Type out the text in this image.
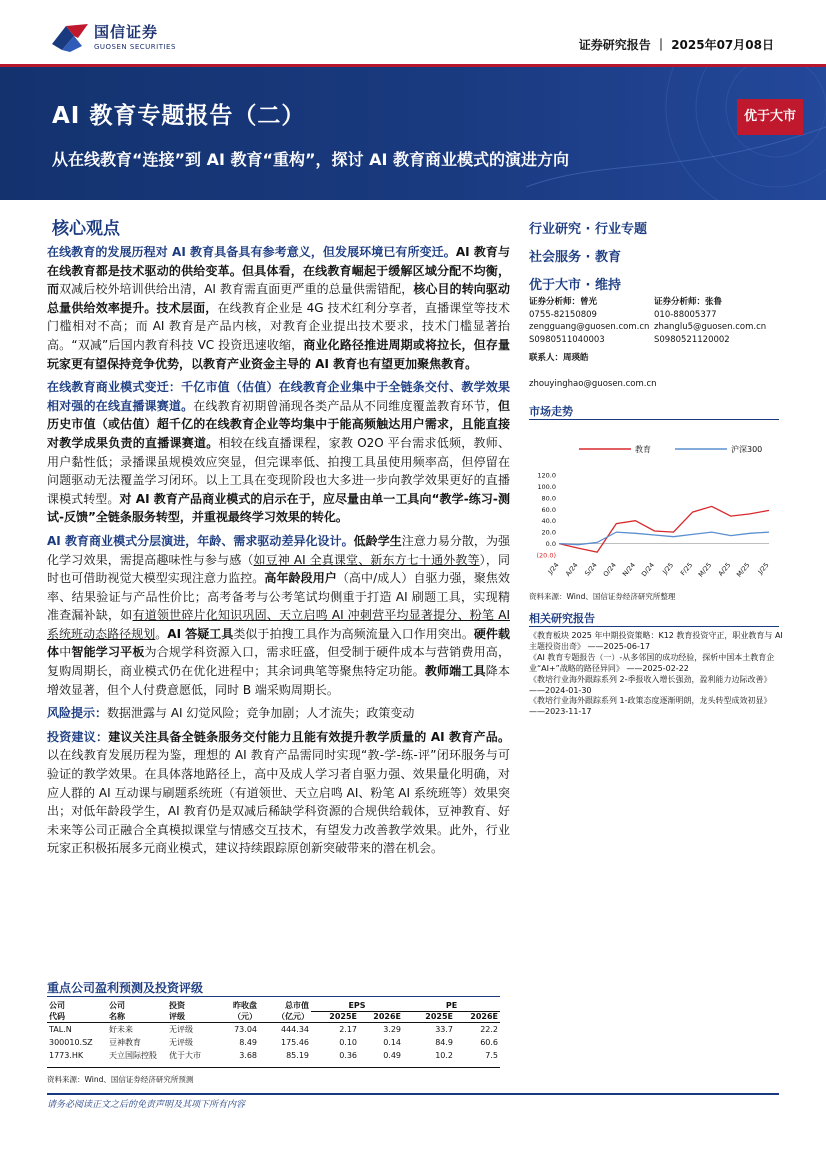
国信证券
GUOSEN SECURITIES	证券研究报告 ｜ 2025年07月08日
AI 教育专题报告（二）
从在线教育“连接”到 AI 教育“重构”，探讨 AI 教育商业模式的演进方向
优于大市
核心观点

在线教育的发展历程对 AI 教育具备具有参考意义，但发展环境已有所变迁。AI 教育与在线教育都是技术驱动的供给变革。但具体看，在线教育崛起于缓解区域分配不均衡，而双减后校外培训供给出清，AI 教育需直面更严重的总量供需错配，核心目的转向驱动总量供给效率提升。技术层面，在线教育企业是 4G 技术红利分享者，直播课堂等技术门槛相对不高；而 AI 教育是产品内核，对教育企业提出技术要求，技术门槛显著抬高。“双减”后国内教育科技 VC 投资迅速收缩，商业化路径推进周期或将拉长，但存量玩家更有望保持竞争优势，以教育产业资金主导的 AI 教育也有望更加聚焦教育。

在线教育商业模式变迁：千亿市值（估值）在线教育企业集中于全链条交付、教学效果相对强的在线直播课赛道。在线教育初期曾涌现各类产品从不同维度覆盖教育环节，但历史市值（或估值）超千亿的在线教育企业等均集中于能高频触达用户需求，且能直接对教学成果负责的直播课赛道。相较在线直播课程，家教 O2O 平台需求低频，教师、用户黏性低；录播课虽规模效应突显，但完课率低、拍搜工具虽使用频率高，但停留在问题驱动无法覆盖学习闭环。以上工具在变现阶段也大多进一步向教学效果更好的直播课模式转型。对 AI 教育产品商业模式的启示在于，应尽量由单一工具向“教学-练习-测试-反馈”全链条服务转型，并重视最终学习效果的转化。

AI 教育商业模式分层演进，年龄、需求驱动差异化设计。低龄学生注意力易分散，为强化学习效果，需提高趣味性与参与感（如豆神 AI 全真课堂、新东方七十通外教等），同时也可借助视觉大模型实现注意力监控。高年龄段用户（高中/成人）自驱力强，聚焦效率、结果验证与产品性价比；高考备考与公考笔试均侧重于打造 AI 刷题工具，实现精准查漏补缺，如有道领世碎片化知识巩固、天立启鸣 AI 冲刺营平均显著提分、粉笔 AI 系统班动态路径规划。AI 答疑工具类似于拍搜工具作为高频流量入口作用突出。硬件载体中智能学习平板为合规学科资源入口，需求旺盛，但受制于硬件成本与营销费用高，复购周期长，商业模式仍在优化进程中；其余词典笔等聚焦特定功能。教师端工具降本增效显著，但个人付费意愿低，同时 B 端采购周期长。

风险提示：数据泄露与 AI 幻觉风险；竞争加剧；人才流失；政策变动

投资建议：建议关注具备全链条服务交付能力且能有效提升教学质量的 AI 教育产品。以在线教育发展历程为鉴，理想的 AI 教育产品需同时实现“教-学-练-评”闭环服务与可验证的教学效果。在具体落地路径上，高中及成人学习者自驱力强、效果量化明确，对应人群的 AI 互动课与刷题系统班（有道领世、天立启鸣 AI、粉笔 AI 系统班等）效果突出；对低年龄段学生，AI 教育仍是双减后稀缺学科资源的合规供给载体，豆神教育、好未来等公司正融合全真模拟课堂与情感交互技术，有望发力改善教学效果。此外，行业玩家正积极拓展多元商业模式，建议持续跟踪原创新突破带来的潜在机会。

行业研究 · 行业专题
社会服务 · 教育
优于大市 · 维持
证券分析师：曾光
0755-82150809
zengguang@guosen.com.cn
S0980511040003
证券分析师：张鲁
010-88005377
zhanglu5@guosen.com.cn
S0980521120002
联系人：周瑛皓
zhouyinghao@guosen.com.cn
市场走势
教育	沪深300
120.0
100.0
80.0
60.0
40.0
20.0
0.0
(20.0)
J/24 A/24 S/24 O/24 N/24 D/24 J/25 F/25 M/25 A/25 M/25 J/25
资料来源：Wind、国信证券经济研究所整理
相关研究报告
《教育板块 2025 年中期投资策略：K12 教育投资守正，职业教育与 AI 主题投资出奇》 ——2025-06-17
《AI 教育专题报告（一）-从多邻国的成功经验，探析中国本土教育企业“AI+”战略的路径异同》 ——2025-02-22
《教培行业海外跟踪系列 2-季报收入增长强劲，盈利能力边际改善》 ——2024-01-30
《教培行业海外跟踪系列 1-政策态度逐渐明朗，龙头转型成效初显》 ——2023-11-17
重点公司盈利预测及投资评级
公司	公司	投资	昨收盘	总市值	EPS		PE	
代码	名称	评级	（元）	（亿元）	2025E	2026E	2025E	2026E
TAL.N	好未来	无评级	73.04	444.34	2.17	3.29	33.7	22.2
300010.SZ	豆神教育	无评级	8.49	175.46	0.10	0.14	84.9	60.6
1773.HK	天立国际控股	优于大市	3.68	85.19	0.36	0.49	10.2	7.5
资料来源：Wind、国信证券经济研究所预测
请务必阅读正文之后的免责声明及其项下所有内容
